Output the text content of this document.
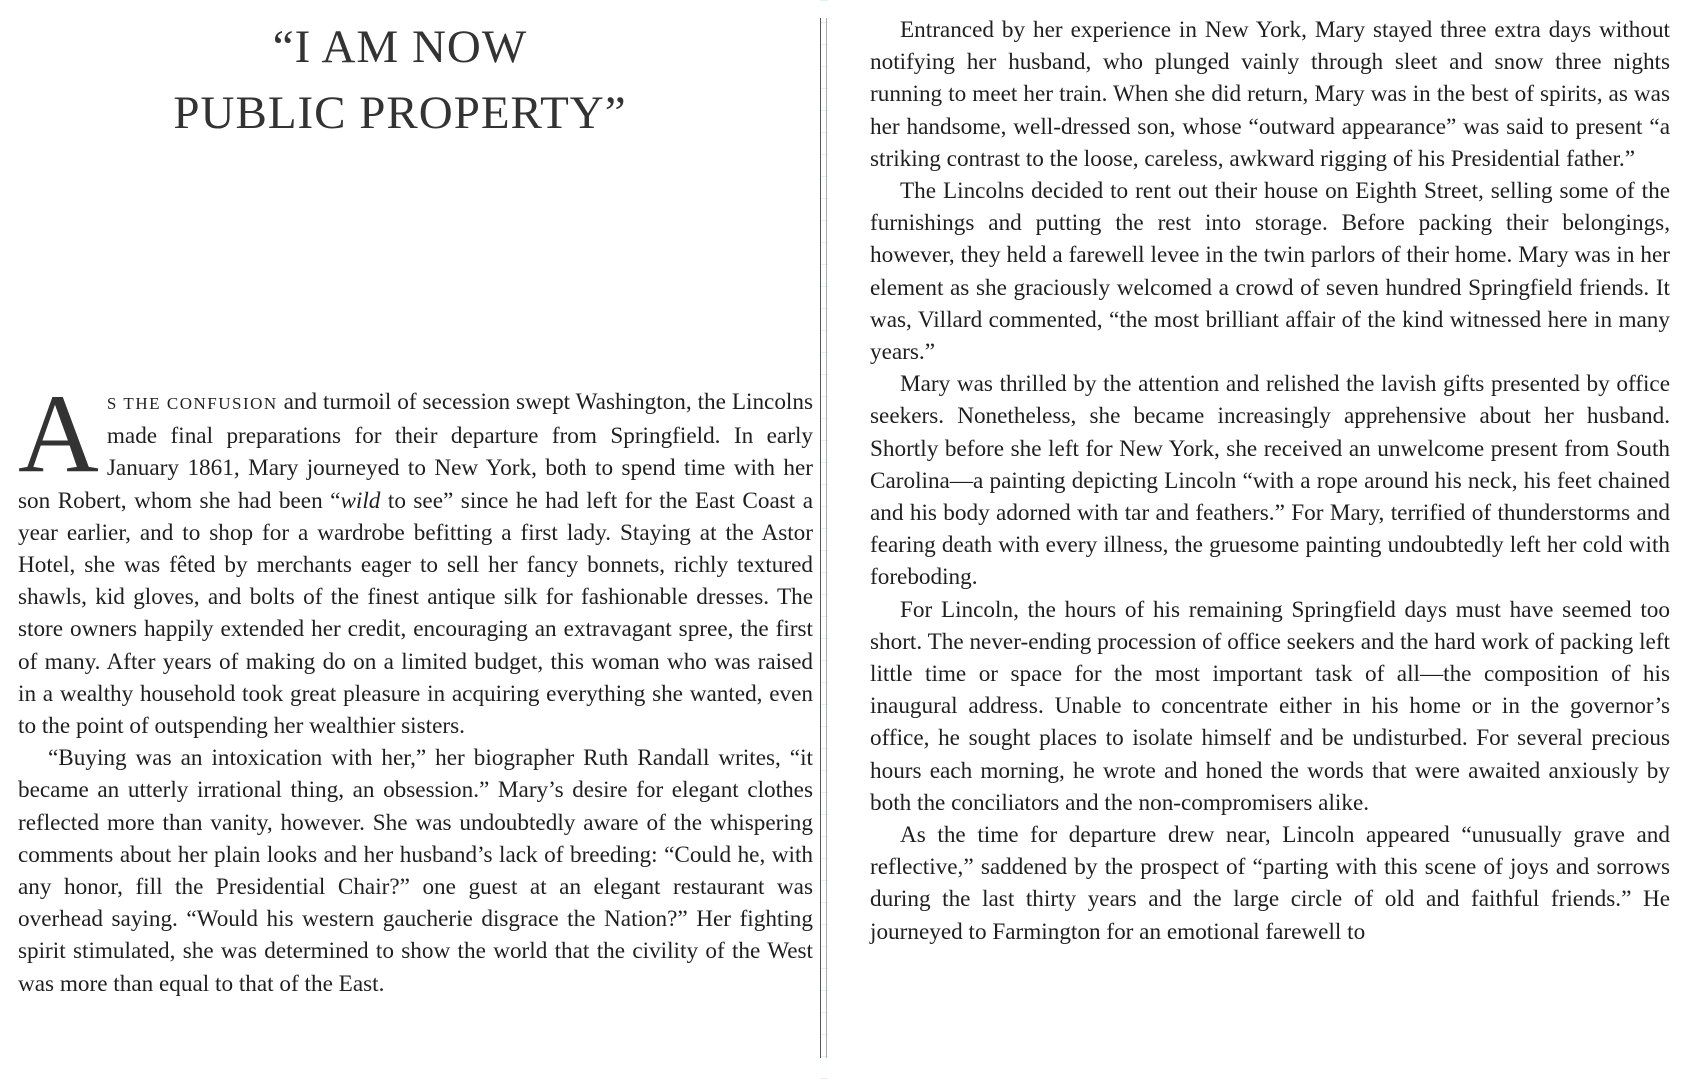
“I AM NOW
PUBLIC PROPERTY”

AS THE CONFUSION and turmoil of secession swept Washington, the Lincolns made final preparations for their departure from Springfield. In early January 1861, Mary journeyed to New York, both to spend time with her son Robert, whom she had been “wild to see” since he had left for the East Coast a year earlier, and to shop for a wardrobe befitting a first lady. Staying at the Astor Hotel, she was fêted by merchants eager to sell her fancy bonnets, richly textured shawls, kid gloves, and bolts of the finest antique silk for fashionable dresses. The store owners happily extended her credit, encouraging an extravagant spree, the first of many. After years of making do on a limited budget, this woman who was raised in a wealthy household took great pleasure in acquiring everything she wanted, even to the point of outspending her wealthier sisters.

“Buying was an intoxication with her,” her biographer Ruth Randall writes, “it became an utterly irrational thing, an obsession.” Mary’s desire for elegant clothes reflected more than vanity, however. She was undoubtedly aware of the whispering comments about her plain looks and her husband’s lack of breeding: “Could he, with any honor, fill the Presidential Chair?” one guest at an elegant restaurant was overhead saying. “Would his western gaucherie disgrace the Nation?” Her fighting spirit stimulated, she was determined to show the world that the civility of the West was more than equal to that of the East.

Entranced by her experience in New York, Mary stayed three extra days without notifying her husband, who plunged vainly through sleet and snow three nights running to meet her train. When she did return, Mary was in the best of spirits, as was her handsome, well-dressed son, whose “outward appearance” was said to present “a striking contrast to the loose, careless, awkward rigging of his Presidential father.”

The Lincolns decided to rent out their house on Eighth Street, selling some of the furnishings and putting the rest into storage. Before packing their belongings, however, they held a farewell levee in the twin parlors of their home. Mary was in her element as she graciously welcomed a crowd of seven hundred Springfield friends. It was, Villard commented, “the most brilliant affair of the kind witnessed here in many years.”

Mary was thrilled by the attention and relished the lavish gifts presented by office seekers. Nonetheless, she became increasingly apprehensive about her husband. Shortly before she left for New York, she received an unwelcome present from South Carolina—a painting depicting Lincoln “with a rope around his neck, his feet chained and his body adorned with tar and feathers.” For Mary, terrified of thunderstorms and fearing death with every illness, the gruesome painting undoubtedly left her cold with foreboding.

For Lincoln, the hours of his remaining Springfield days must have seemed too short. The never-ending procession of office seekers and the hard work of packing left little time or space for the most important task of all—the composition of his inaugural address. Unable to concentrate either in his home or in the governor’s office, he sought places to isolate himself and be undisturbed. For several precious hours each morning, he wrote and honed the words that were awaited anxiously by both the conciliators and the non-compromisers alike.

As the time for departure drew near, Lincoln appeared “unusually grave and reflective,” saddened by the prospect of “parting with this scene of joys and sorrows during the last thirty years and the large circle of old and faithful friends.” He journeyed to Farmington for an emotional farewell to
